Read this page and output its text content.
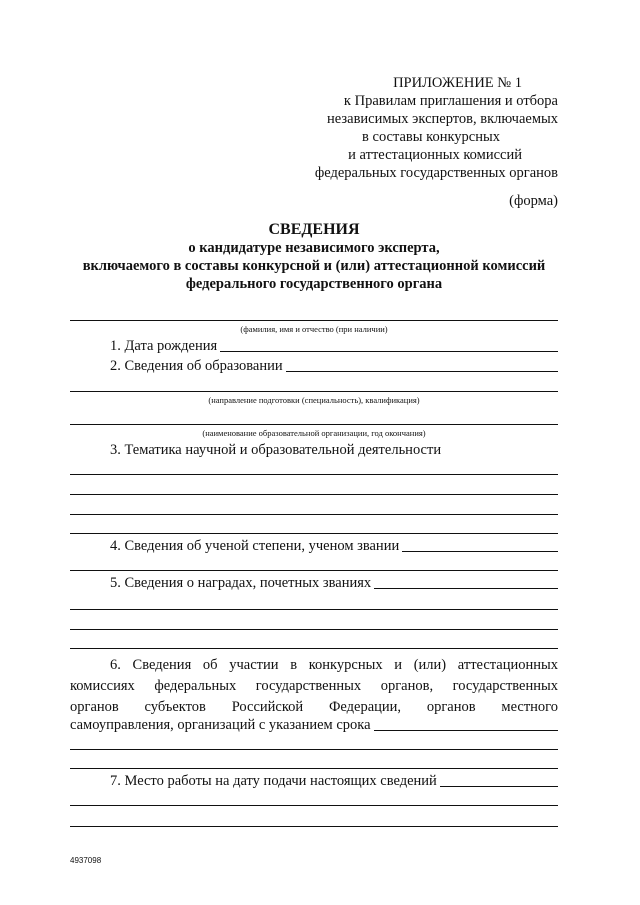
ПРИЛОЖЕНИЕ № 1
к Правилам приглашения и отбора
независимых экспертов, включаемых
в составы конкурсных
и аттестационных комиссий
федеральных государственных органов
(форма)
СВЕДЕНИЯ
о кандидатуре независимого эксперта,
включаемого в составы конкурсной и (или) аттестационной комиссий
федерального государственного органа
(фамилия, имя и отчество (при наличии)
1. Дата рождения
2. Сведения об образовании
(направление подготовки (специальность), квалификация)
(наименование образовательной организации, год окончания)
3. Тематика научной и образовательной деятельности
4. Сведения об ученой степени, ученом звании
5. Сведения о наградах, почетных званиях
6. Сведения об участии в конкурсных и (или) аттестационных
комиссиях федеральных государственных органов, государственных
органов субъектов Российской Федерации, органов местного
самоуправления, организаций с указанием срока
7. Место работы на дату подачи настоящих сведений
4937098
